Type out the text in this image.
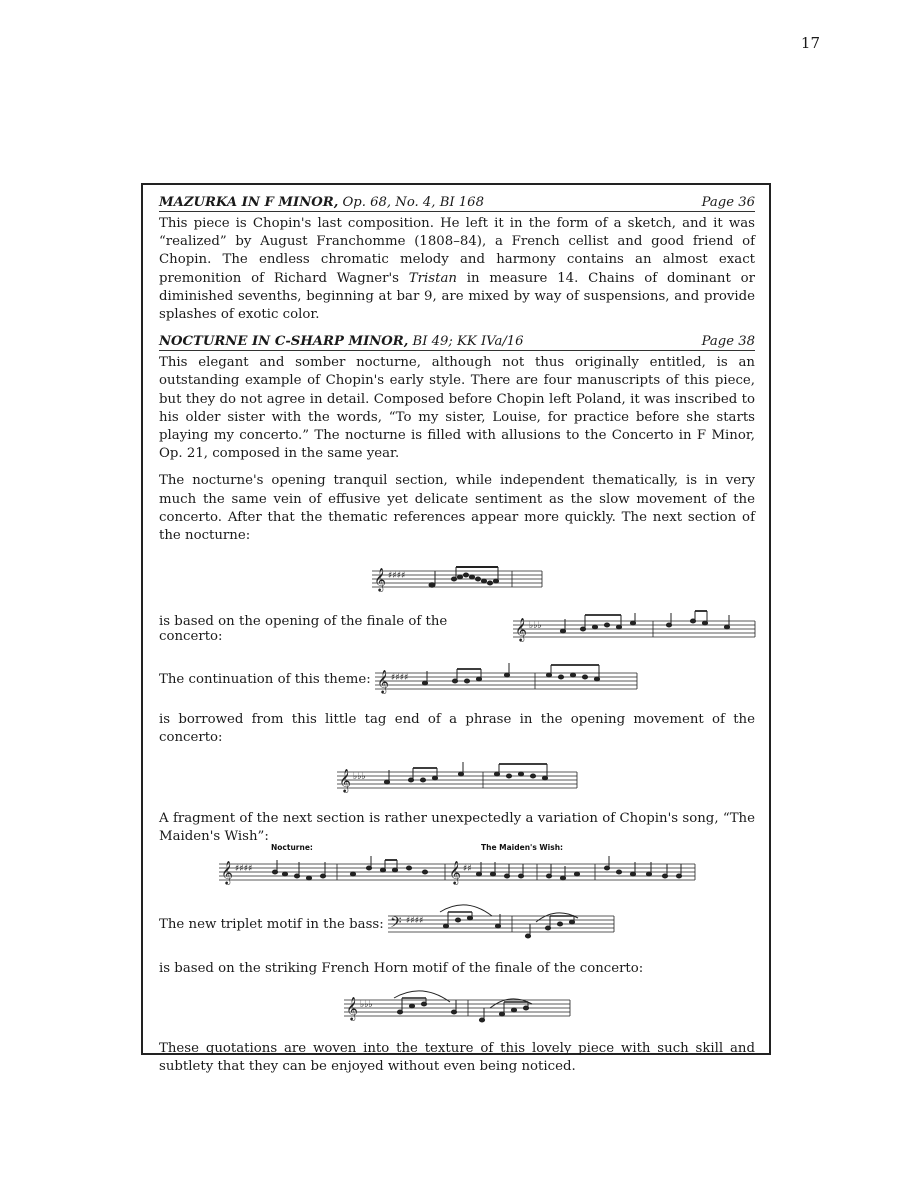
17
MAZURKA IN F MINOR, Op. 68, No. 4, BI 168	Page 36

This piece is Chopin's last composition. He left it in the form of a sketch, and it was “realized” by August Franchomme (1808–84), a French cellist and good friend of Chopin. The endless chromatic melody and harmony contains an almost exact premonition of Richard Wagner's Tristan in measure 14. Chains of dominant or diminished sevenths, beginning at bar 9, are mixed by way of suspensions, and provide splashes of exotic color.

NOCTURNE IN C-SHARP MINOR, BI 49; KK IVa/16	Page 38

This elegant and somber nocturne, although not thus originally entitled, is an outstanding example of Chopin's early style. There are four manuscripts of this piece, but they do not agree in detail. Composed before Chopin left Poland, it was inscribed to his older sister with the words, “To my sister, Louise, for practice before she starts playing my concerto.” The nocturne is filled with allusions to the Concerto in F Minor, Op. 21, composed in the same year.

The nocturne's opening tranquil section, while independent thematically, is in very much the same vein of effusive yet delicate sentiment as the slow movement of the concerto. After that the thematic references appear more quickly. The next section of the nocturne:

𝄞 ♯♯♯♯
is based on the opening of the finale of the concerto:	𝄞 ♭♭♭
The continuation of this theme: 𝄞 ♯♯♯♯

is borrowed from this little tag end of a phrase in the opening movement of the concerto:

𝄞 ♭♭♭

A fragment of the next section is rather unexpectedly a variation of Chopin's song, “The Maiden's Wish”:

Nocturne:	The Maiden's Wish:
𝄞 ♯♯♯♯	𝄞 ♯♯
The new triplet motif in the bass: 𝄢 ♯♯♯♯

is based on the striking French Horn motif of the finale of the concerto:

𝄞 ♭♭♭

These quotations are woven into the texture of this lovely piece with such skill and subtlety that they can be enjoyed without even being noticed.
